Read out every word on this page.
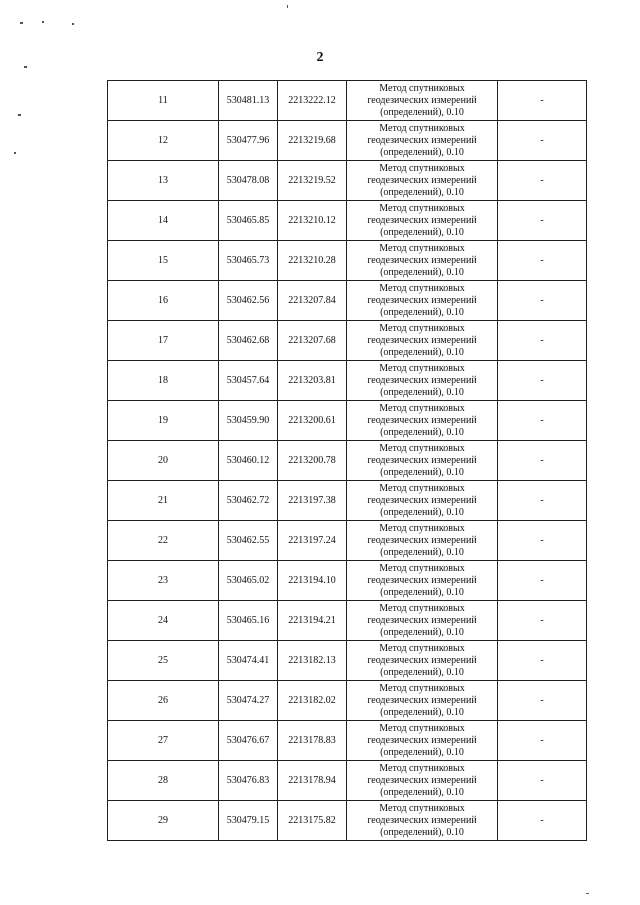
2
11	530481.13	2213222.12	Метод спутниковых
геодезических измерений
(определений), 0.10	-
12	530477.96	2213219.68	Метод спутниковых
геодезических измерений
(определений), 0.10	-
13	530478.08	2213219.52	Метод спутниковых
геодезических измерений
(определений), 0.10	-
14	530465.85	2213210.12	Метод спутниковых
геодезических измерений
(определений), 0.10	-
15	530465.73	2213210.28	Метод спутниковых
геодезических измерений
(определений), 0.10	-
16	530462.56	2213207.84	Метод спутниковых
геодезических измерений
(определений), 0.10	-
17	530462.68	2213207.68	Метод спутниковых
геодезических измерений
(определений), 0.10	-
18	530457.64	2213203.81	Метод спутниковых
геодезических измерений
(определений), 0.10	-
19	530459.90	2213200.61	Метод спутниковых
геодезических измерений
(определений), 0.10	-
20	530460.12	2213200.78	Метод спутниковых
геодезических измерений
(определений), 0.10	-
21	530462.72	2213197.38	Метод спутниковых
геодезических измерений
(определений), 0.10	-
22	530462.55	2213197.24	Метод спутниковых
геодезических измерений
(определений), 0.10	-
23	530465.02	2213194.10	Метод спутниковых
геодезических измерений
(определений), 0.10	-
24	530465.16	2213194.21	Метод спутниковых
геодезических измерений
(определений), 0.10	-
25	530474.41	2213182.13	Метод спутниковых
геодезических измерений
(определений), 0.10	-
26	530474.27	2213182.02	Метод спутниковых
геодезических измерений
(определений), 0.10	-
27	530476.67	2213178.83	Метод спутниковых
геодезических измерений
(определений), 0.10	-
28	530476.83	2213178.94	Метод спутниковых
геодезических измерений
(определений), 0.10	-
29	530479.15	2213175.82	Метод спутниковых
геодезических измерений
(определений), 0.10	-
